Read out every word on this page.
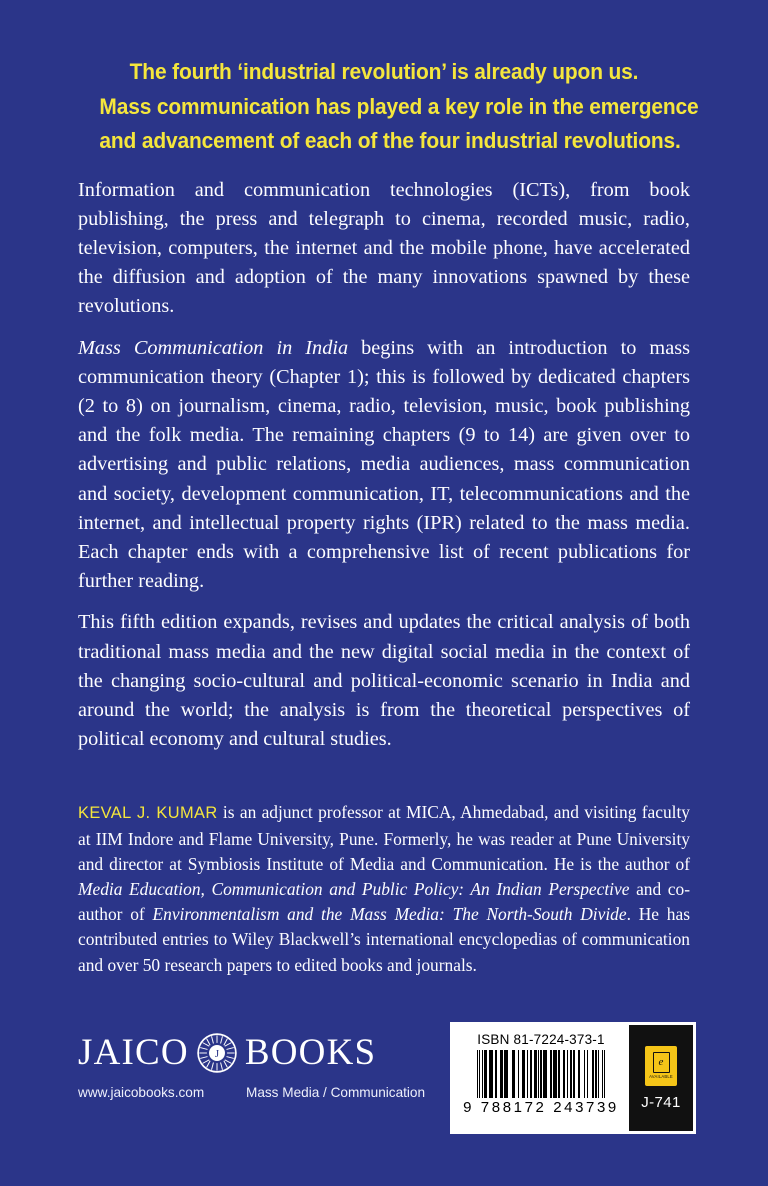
The fourth ‘industrial revolution’ is already upon us.
Mass communication has played a key role in the emergence
and advancement of each of the four industrial revolutions.

Information and communication technologies (ICTs), from book publishing, the press and telegraph to cinema, recorded music, radio, television, computers, the internet and the mobile phone, have accelerated the diffusion and adoption of the many innovations spawned by these revolutions.

Mass Communication in India begins with an introduction to mass communication theory (Chapter 1); this is followed by dedicated chapters (2 to 8) on journalism, cinema, radio, television, music, book publishing and the folk media. The remaining chapters (9 to 14) are given over to advertising and public relations, media audiences, mass communication and society, development communication, IT, telecommunications and the internet, and intellectual property rights (IPR) related to the mass media. Each chapter ends with a comprehensive list of recent publications for further reading.

This fifth edition expands, revises and updates the critical analysis of both traditional mass media and the new digital social media in the context of the changing socio-cultural and political-economic scenario in India and around the world; the analysis is from the theoretical perspectives of political economy and cultural studies.

KEVAL J. KUMAR is an adjunct professor at MICA, Ahmedabad, and visiting faculty at IIM Indore and Flame University, Pune. Formerly, he was reader at Pune University and director at Symbiosis Institute of Media and Communication. He is the author of Media Education, Communication and Public Policy: An Indian Perspective and co-author of Environmentalism and the Mass Media: The North-South Divide. He has contributed entries to Wiley Blackwell’s international encyclopedias of communication and over 50 research papers to edited books and journals.

JAICO J BOOKS
www.jaicobooks.com	Mass Media / Communication
ISBN 81-7224-373-1
9 788172 243739
e
AVAILABLE
J-741
